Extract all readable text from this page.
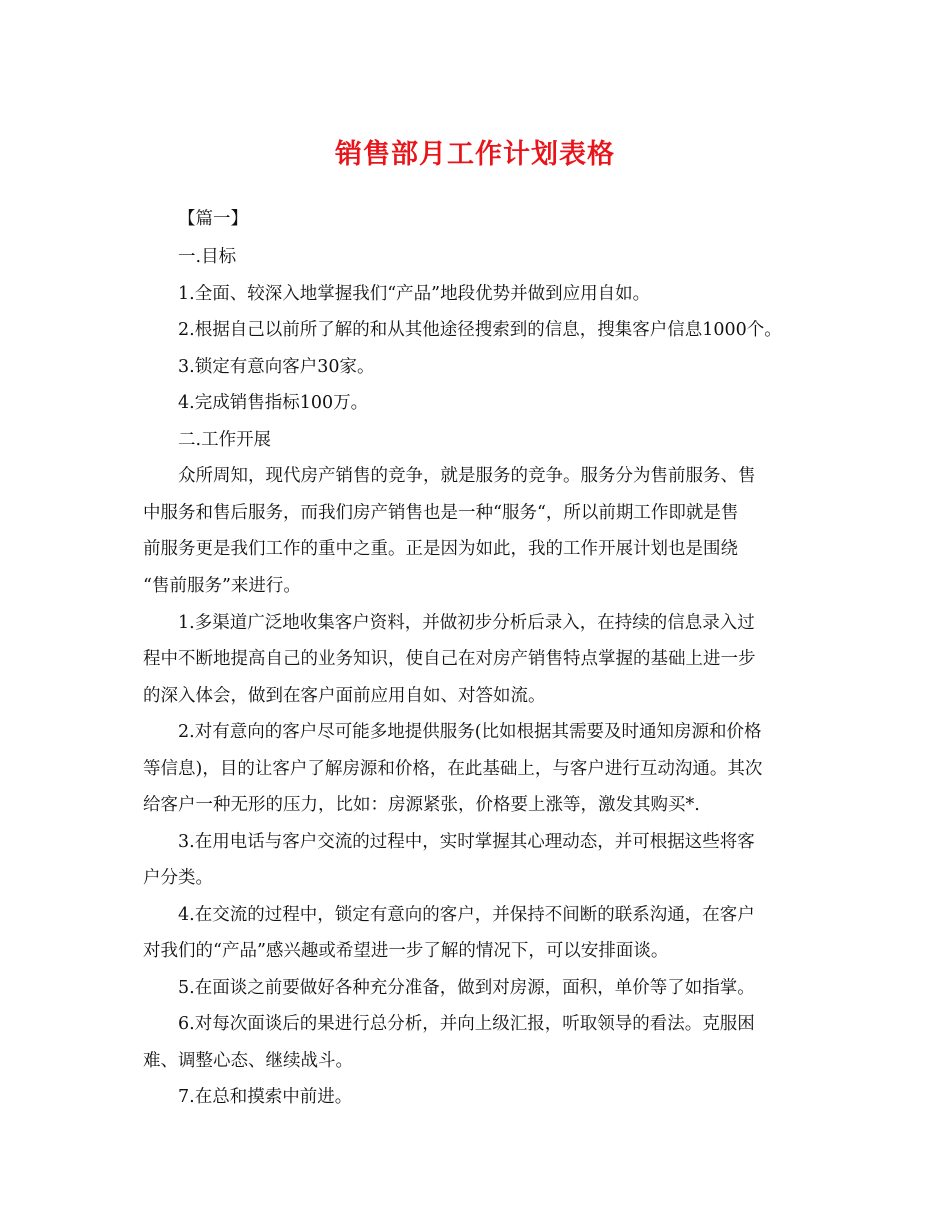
销售部月工作计划表格
【篇一】
一.目标
1.全面、较深入地掌握我们“产品”地段优势并做到应用自如。
2.根据自己以前所了解的和从其他途径搜索到的信息，搜集客户信息1000个。
3.锁定有意向客户30家。
4.完成销售指标100万。
二.工作开展
众所周知，现代房产销售的竞争，就是服务的竞争。服务分为售前服务、售
中服务和售后服务，而我们房产销售也是一种“服务“，所以前期工作即就是售
前服务更是我们工作的重中之重。正是因为如此，我的工作开展计划也是围绕
“售前服务”来进行。
1.多渠道广泛地收集客户资料，并做初步分析后录入，在持续的信息录入过
程中不断地提高自己的业务知识，使自己在对房产销售特点掌握的基础上进一步
的深入体会，做到在客户面前应用自如、对答如流。
2.对有意向的客户尽可能多地提供服务(比如根据其需要及时通知房源和价格
等信息)，目的让客户了解房源和价格，在此基础上，与客户进行互动沟通。其次
给客户一种无形的压力，比如：房源紧张，价格要上涨等，激发其购买*.
3.在用电话与客户交流的过程中，实时掌握其心理动态，并可根据这些将客
户分类。
4.在交流的过程中，锁定有意向的客户，并保持不间断的联系沟通，在客户
对我们的“产品”感兴趣或希望进一步了解的情况下，可以安排面谈。
5.在面谈之前要做好各种充分准备，做到对房源，面积，单价等了如指掌。
6.对每次面谈后的果进行总分析，并向上级汇报，听取领导的看法。克服困
难、调整心态、继续战斗。
7.在总和摸索中前进。
